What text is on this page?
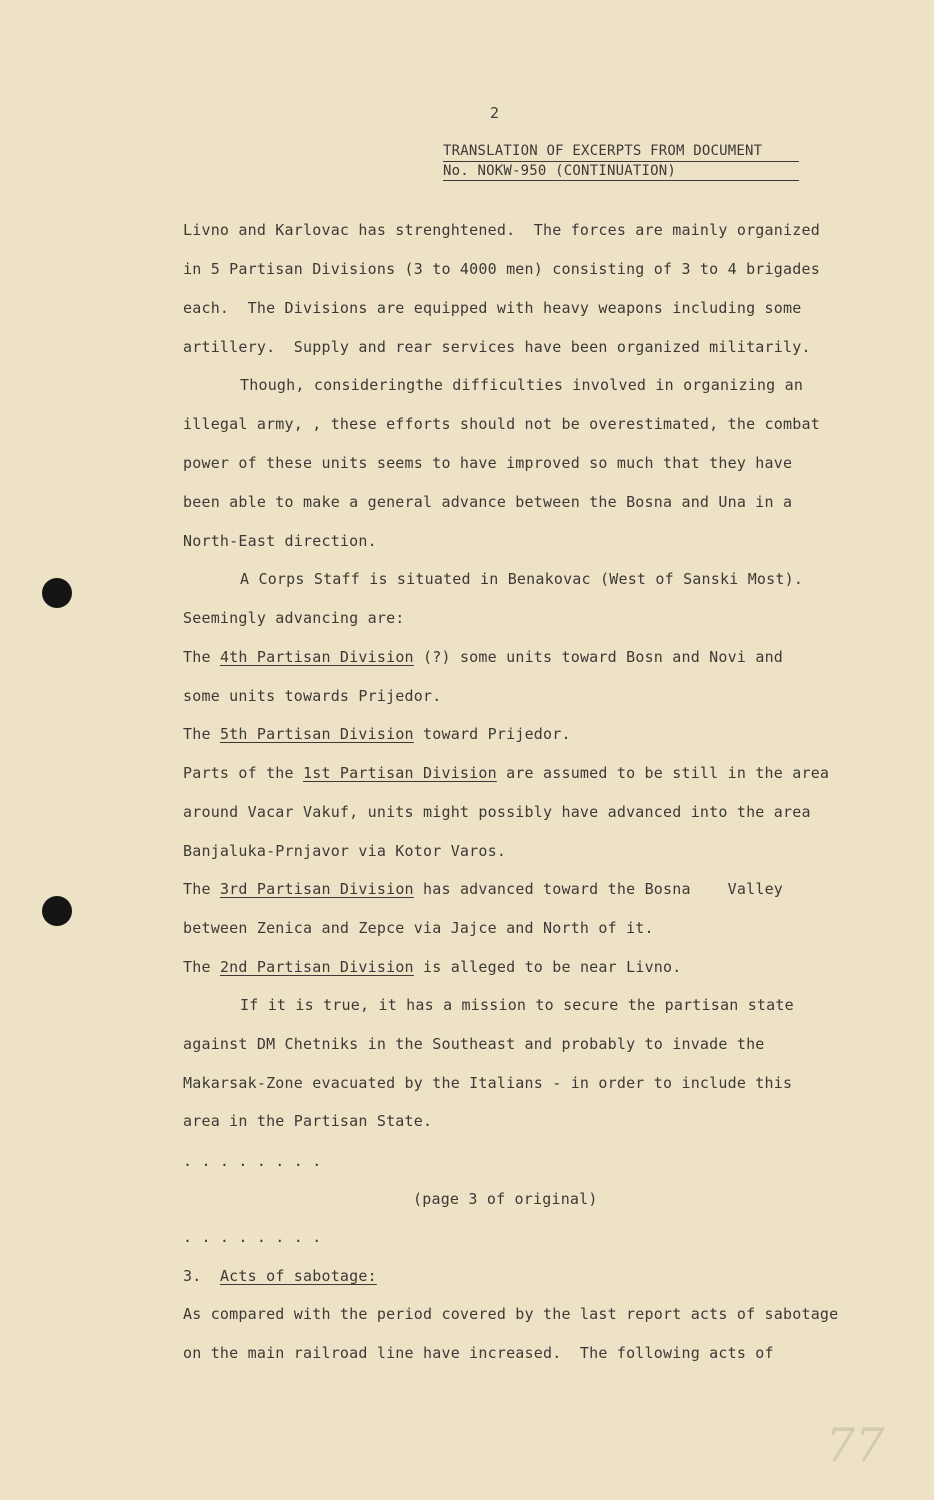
2
TRANSLATION OF EXCERPTS FROM DOCUMENT
No. NOKW-950 (CONTINUATION)
Livno and Karlovac has strenghtened.  The forces are mainly organized
in 5 Partisan Divisions (3 to 4000 men) consisting of 3 to 4 brigades
each.  The Divisions are equipped with heavy weapons including some
artillery.  Supply and rear services have been organized militarily.
Though, consideringthe difficulties involved in organizing an
illegal army, , these efforts should not be overestimated, the combat
power of these units seems to have improved so much that they have
been able to make a general advance between the Bosna and Una in a
North-East direction.
A Corps Staff is situated in Benakovac (West of Sanski Most).
Seemingly advancing are:
The 4th Partisan Division (?) some units toward Bosn and Novi and
some units towards Prijedor.
The 5th Partisan Division toward Prijedor.
Parts of the 1st Partisan Division are assumed to be still in the area
around Vacar Vakuf, units might possibly have advanced into the area
Banjaluka-Prnjavor via Kotor Varos.
The 3rd Partisan Division has advanced toward the Bosna    Valley
between Zenica and Zepce via Jajce and North of it.
The 2nd Partisan Division is alleged to be near Livno.
If it is true, it has a mission to secure the partisan state
against DM Chetniks in the Southeast and probably to invade the
Makarsak-Zone evacuated by the Italians - in order to include this
area in the Partisan State.
. . . . . . . .
(page 3 of original)
. . . . . . . .
3. Acts of sabotage:
As compared with the period covered by the last report acts of sabotage
on the main railroad line have increased.  The following acts of
77
